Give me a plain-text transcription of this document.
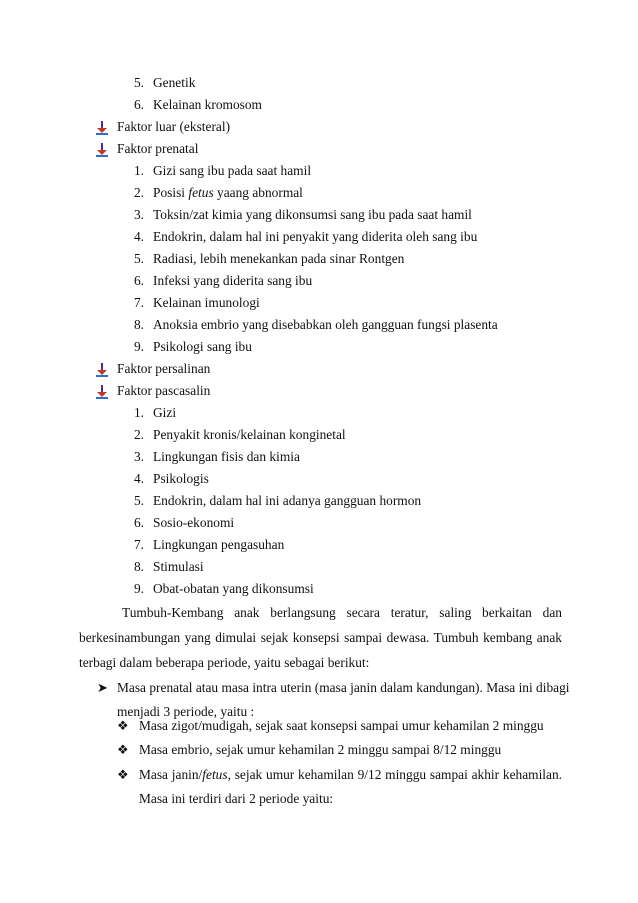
5. Genetik
6. Kelainan kromosom
Faktor luar (eksteral)
Faktor prenatal
1. Gizi sang ibu pada saat hamil
2. Posisi fetus yaang abnormal
3. Toksin/zat kimia yang dikonsumsi sang ibu pada saat hamil
4. Endokrin, dalam hal ini penyakit yang diderita oleh sang ibu
5. Radiasi, lebih menekankan pada sinar Rontgen
6. Infeksi yang diderita sang ibu
7. Kelainan imunologi
8. Anoksia embrio yang disebabkan oleh gangguan fungsi plasenta
9. Psikologi sang ibu
Faktor persalinan
Faktor pascasalin
1. Gizi
2. Penyakit kronis/kelainan konginetal
3. Lingkungan fisis dan kimia
4. Psikologis
5. Endokrin, dalam hal ini adanya gangguan hormon
6. Sosio-ekonomi
7. Lingkungan pengasuhan
8. Stimulasi
9. Obat-obatan yang dikonsumsi
Tumbuh-Kembang anak berlangsung secara teratur, saling berkaitan dan
berkesinambungan yang dimulai sejak konsepsi sampai dewasa. Tumbuh kembang anak
terbagi dalam beberapa periode, yaitu sebagai berikut:
➤ Masa prenatal atau masa intra uterin (masa janin dalam kandungan). Masa ini dibagi
menjadi 3 periode, yaitu :
❖ Masa zigot/mudigah, sejak saat konsepsi sampai umur kehamilan 2 minggu
❖ Masa embrio, sejak umur kehamilan 2 minggu sampai 8/12 minggu
❖ Masa janin/fetus, sejak umur kehamilan 9/12 minggu sampai akhir kehamilan.
Masa ini terdiri dari 2 periode yaitu:
